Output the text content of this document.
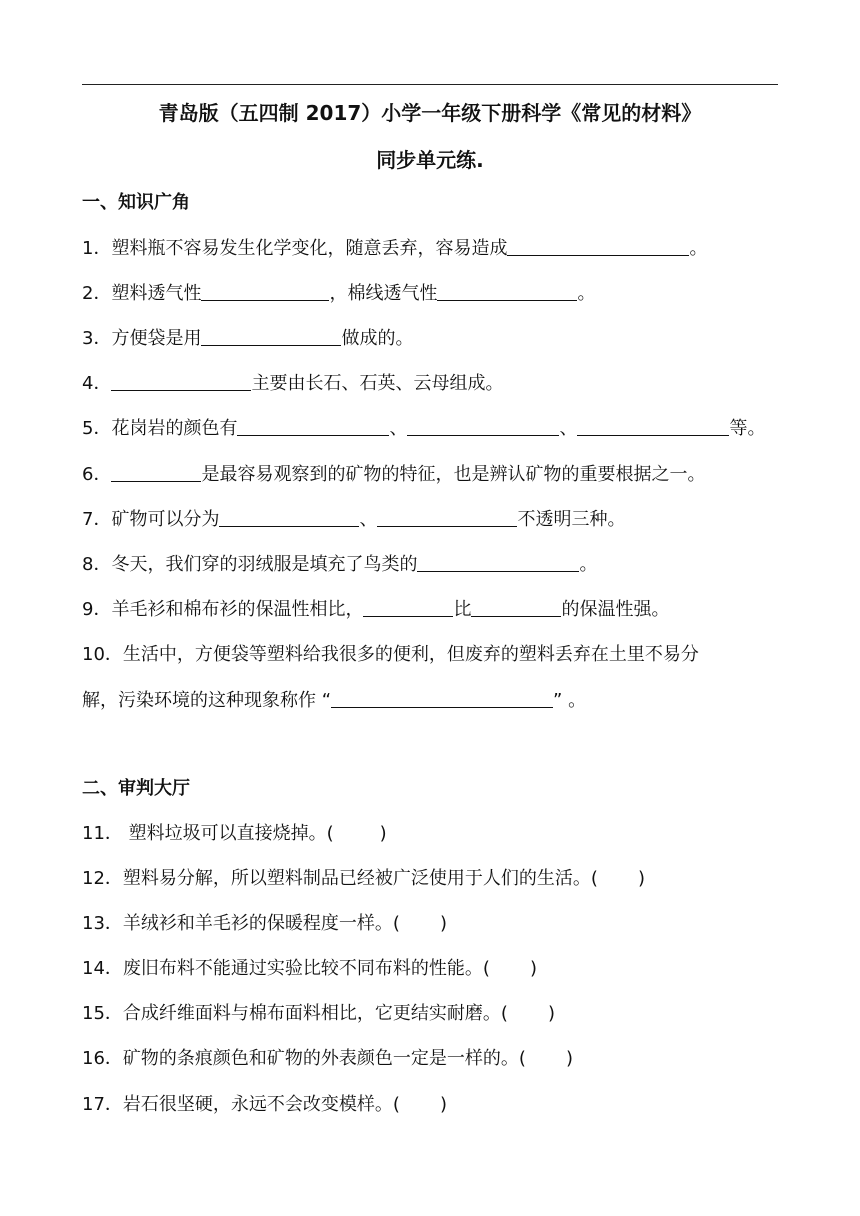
青岛版（五四制 2017）小学一年级下册科学《常见的材料》
同步单元练.
一、知识广角
1．塑料瓶不容易发生化学变化，随意丢弃，容易造成	。
2．塑料透气性	，棉线透气性	。
3．方便袋是用	做成的。
4．	主要由长石、石英、云母组成。
5．花岗岩的颜色有	、	、	等。
6．	是最容易观察到的矿物的特征，也是辨认矿物的重要根据之一。
7．矿物可以分为	、	不透明三种。
8．冬天，我们穿的羽绒服是填充了鸟类的	。
9．羊毛衫和棉布衫的保温性相比，	比	的保温性强。
10．生活中，方便袋等塑料给我很多的便利，但废弃的塑料丢弃在土里不易分
解，污染环境的这种现象称作 “	” 。
二、审判大厅
11． 塑料垃圾可以直接烧掉。(	)
12．塑料易分解，所以塑料制品已经被广泛使用于人们的生活。( )
13．羊绒衫和羊毛衫的保暖程度一样。( )
14．废旧布料不能通过实验比较不同布料的性能。( )
15．合成纤维面料与棉布面料相比，它更结实耐磨。( )
16．矿物的条痕颜色和矿物的外表颜色一定是一样的。( )
17．岩石很坚硬，永远不会改变模样。( )
